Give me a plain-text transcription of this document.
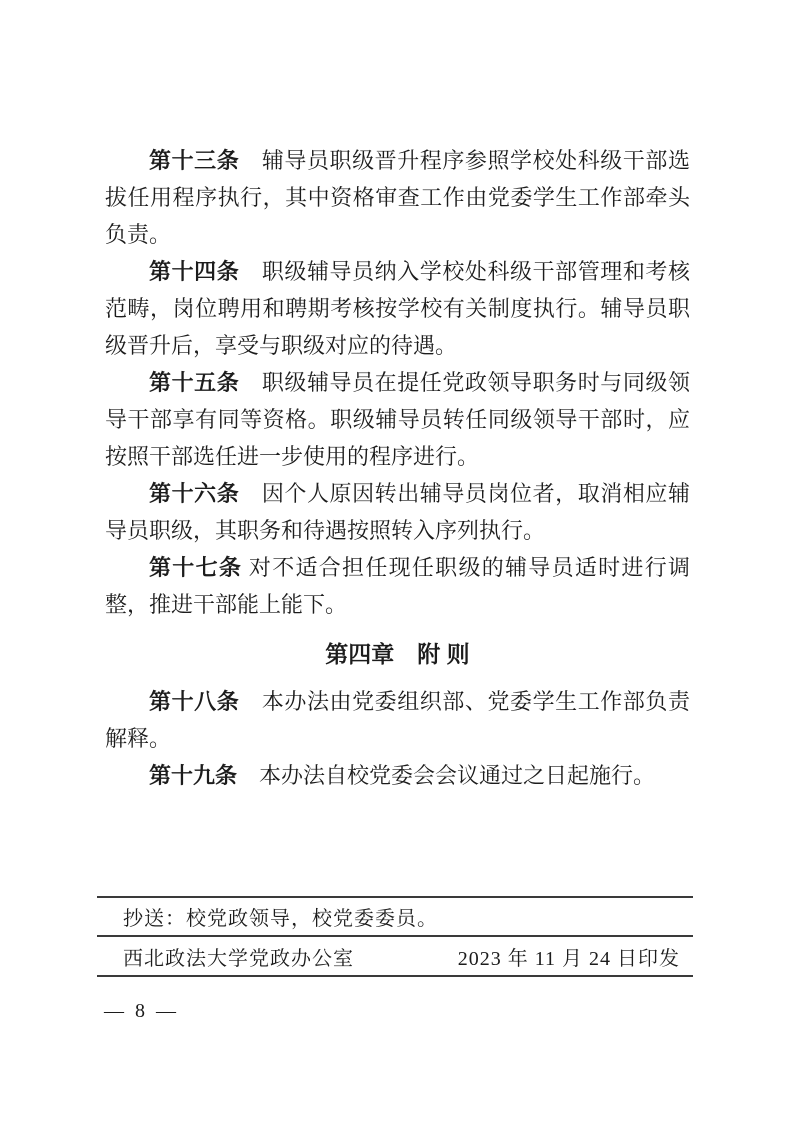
第十三条　 辅导员职级晋升程序参照学校处科级干部选拔任用程序执行，其中资格审查工作由党委学生工作部牵头负责。

第十四条　 职级辅导员纳入学校处科级干部管理和考核范畴，岗位聘用和聘期考核按学校有关制度执行。辅导员职级晋升后，享受与职级对应的待遇。

第十五条　 职级辅导员在提任党政领导职务时与同级领导干部享有同等资格。职级辅导员转任同级领导干部时，应按照干部选任进一步使用的程序进行。

第十六条　 因个人原因转出辅导员岗位者，取消相应辅导员职级，其职务和待遇按照转入序列执行。

第十七条 对不适合担任现任职级的辅导员适时进行调整，推进干部能上能下。

第四章　附 则

第十八条　 本办法由党委组织部、党委学生工作部负责解释。

第十九条　 本办法自校党委会会议通过之日起施行。

抄送：校党政领导，校党委委员。
西北政法大学党政办公室	2023 年 11 月 24 日印发
— 8 —
